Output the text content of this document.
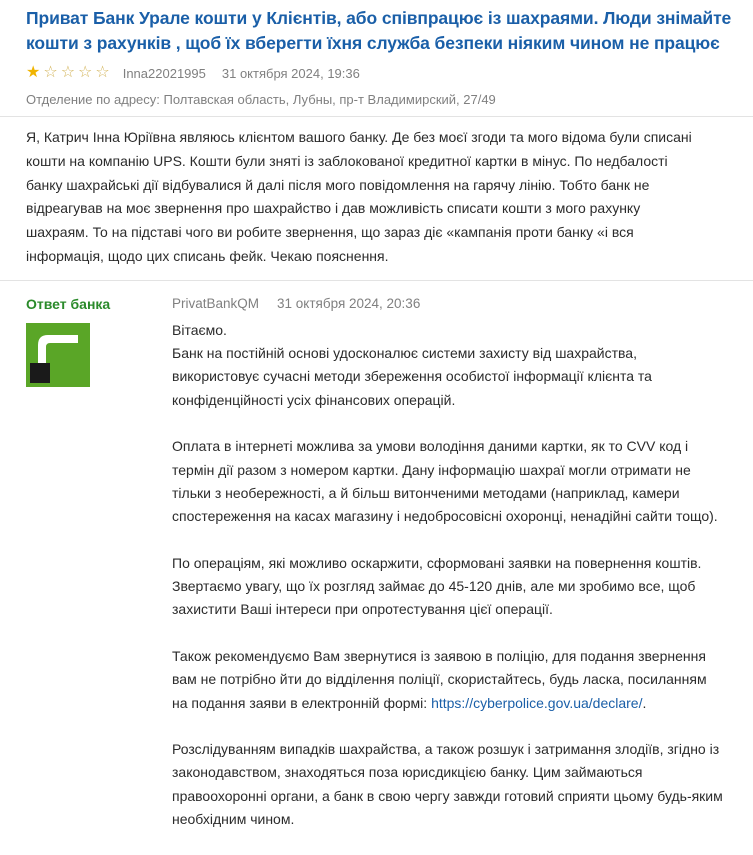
Приват Банк Урале кошти у Клієнтів, або співпрацює із шахраями. Люди знімайте кошти з рахунків , щоб їх вберегти їхня служба безпеки ніяким чином не працює
★ ☆ ☆ ☆ ☆ Inna22021995 31 октября 2024, 19:36
Отделение по адресу: Полтавская область, Лубны, пр-т Владимирский, 27/49
Я, Катрич Інна Юріївна являюсь клієнтом вашого банку. Де без моєї згоди та мого відома були списані кошти на компанію UPS. Кошти були зняті із заблокованої кредитної картки в мінус. По недбалості банку шахрайські дії відбувалися й далі після мого повідомлення на гарячу лінію. Тобто банк не відреагував на моє звернення про шахрайство і дав можливість списати кошти з мого рахунку шахраям. То на підставі чого ви робите звернення, що зараз діє «кампанія проти банку «і вся інформація, щодо цих списань фейк. Чекаю пояснення.
Ответ банка	PrivatBankQM 31 октября 2024, 20:36

Вітаємо.
Банк на постійній основі удосконалює системи захисту від шахрайства, використовує сучасні методи збереження особистої інформації клієнта та конфіденційності усіх фінансових операцій.

Оплата в інтернеті можлива за умови володіння даними картки, як то CVV код і термін дії разом з номером картки. Дану інформацію шахраї могли отримати не тільки з необережності, а й більш витонченими методами (наприклад, камери спостереження на касах магазину і недобросовісні охоронці, ненадійні сайти тощо).

По операціям, які можливо оскаржити, сформовані заявки на повернення коштів. Звертаємо увагу, що їх розгляд займає до 45-120 днів, але ми зробимо все, щоб захистити Ваші інтереси при опротестування цієї операції.

Також рекомендуємо Вам звернутися із заявою в поліцію, для подання звернення вам не потрібно йти до відділення поліції, скористайтесь, будь ласка, посиланням на подання заяви в електронній формі: https://cyberpolice.gov.ua/declare/.

Розслідуванням випадків шахрайства, а також розшук і затримання злодіїв, згідно із законодавством, знаходяться поза юрисдикцією банку. Цим займаються правоохоронні органи, а банк в свою чергу завжди готовий сприяти цьому будь-яким необхідним чином.
